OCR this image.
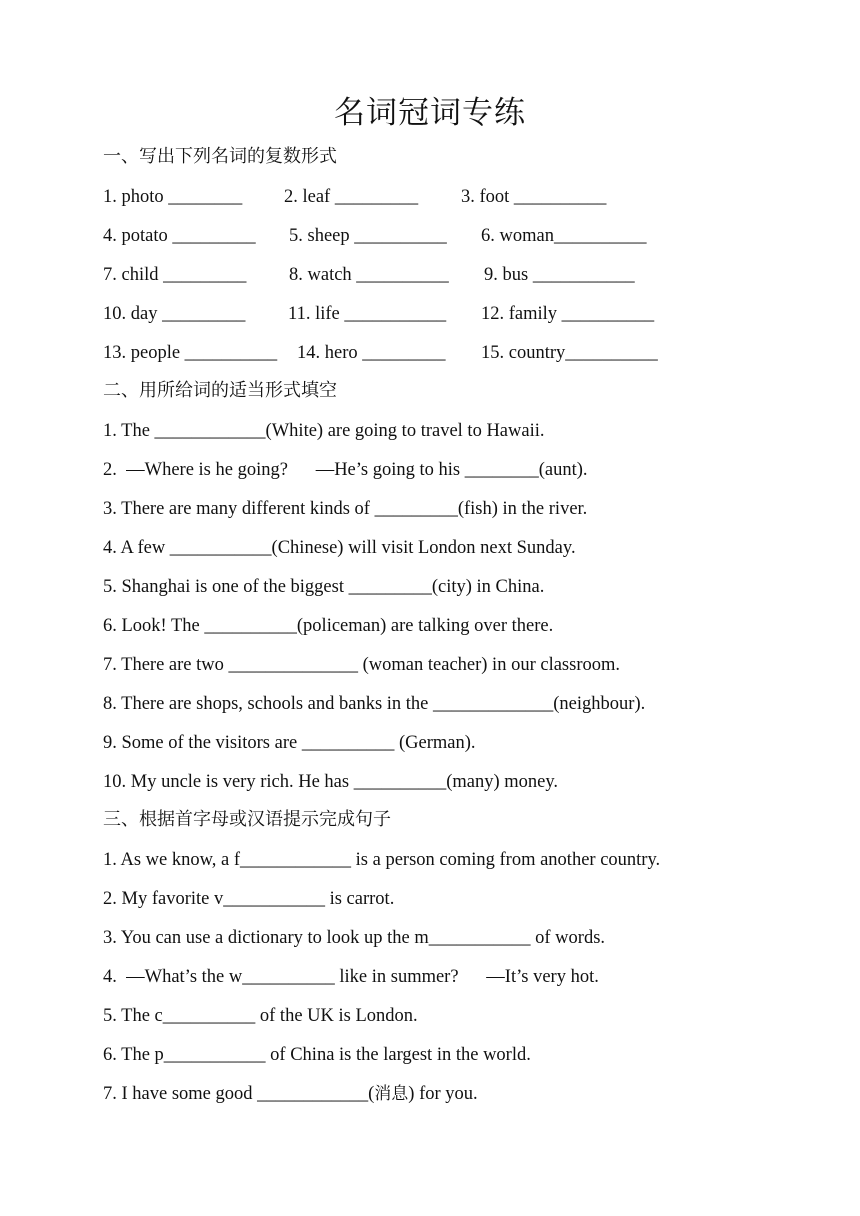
名词冠词专练
一、写出下列名词的复数形式
1. photo ________ 2. leaf _________ 3. foot __________
4. potato _________ 5. sheep __________ 6. woman__________
7. child _________ 8. watch __________ 9. bus ___________
10. day _________ 11. life ___________ 12. family __________
13. people __________ 14. hero _________ 15. country__________
二、用所给词的适当形式填空
1. The ____________(White) are going to travel to Hawaii.
2.  —Where is he going?      —He’s going to his ________(aunt).
3. There are many different kinds of _________(fish) in the river.
4. A few ___________(Chinese) will visit London next Sunday.
5. Shanghai is one of the biggest _________(city) in China.
6. Look! The __________(policeman) are talking over there.
7. There are two ______________ (woman teacher) in our classroom.
8. There are shops, schools and banks in the _____________(neighbour).
9. Some of the visitors are __________ (German).
10. My uncle is very rich. He has __________(many) money.
三、根据首字母或汉语提示完成句子
1. As we know, a f____________ is a person coming from another country.
2. My favorite v___________ is carrot.
3. You can use a dictionary to look up the m___________ of words.
4.  —What’s the w__________ like in summer?      —It’s very hot.
5. The c__________ of the UK is London.
6. The p___________ of China is the largest in the world.
7. I have some good ____________(消息) for you.
